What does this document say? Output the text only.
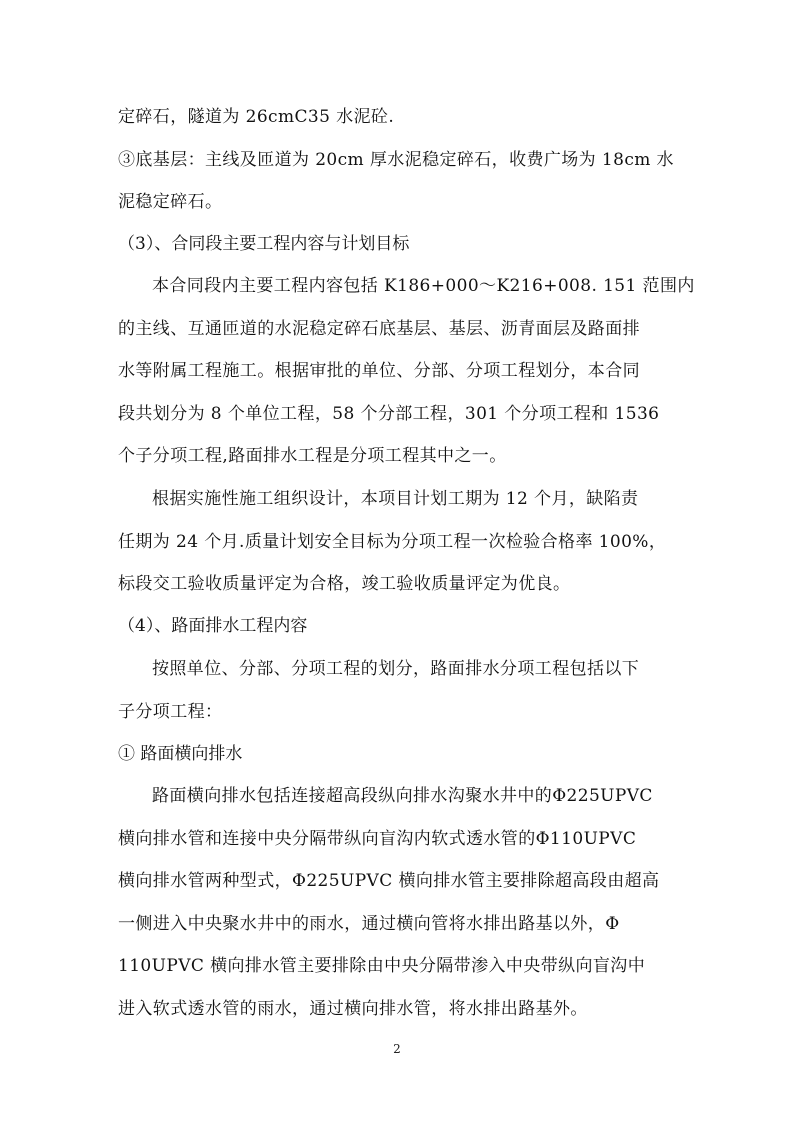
定碎石，隧道为 26cmC35 水泥砼.
③底基层：主线及匝道为 20cm 厚水泥稳定碎石，收费广场为 18cm 水
泥稳定碎石。
（3）、合同段主要工程内容与计划目标
本合同段内主要工程内容包括 K186+000～K216+008. 151 范围内
的主线、互通匝道的水泥稳定碎石底基层、基层、沥青面层及路面排
水等附属工程施工。根据审批的单位、分部、分项工程划分，本合同
段共划分为 8 个单位工程，58 个分部工程，301 个分项工程和 1536
个子分项工程,路面排水工程是分项工程其中之一。
根据实施性施工组织设计，本项目计划工期为 12 个月，缺陷责
任期为 24 个月.质量计划安全目标为分项工程一次检验合格率 100%，
标段交工验收质量评定为合格，竣工验收质量评定为优良。
（4）、路面排水工程内容
按照单位、分部、分项工程的划分，路面排水分项工程包括以下
子分项工程：
① 路面横向排水
路面横向排水包括连接超高段纵向排水沟聚水井中的Φ225UPVC
横向排水管和连接中央分隔带纵向盲沟内软式透水管的Φ110UPVC
横向排水管两种型式，Φ225UPVC 横向排水管主要排除超高段由超高
一侧进入中央聚水井中的雨水，通过横向管将水排出路基以外，Φ
110UPVC 横向排水管主要排除由中央分隔带渗入中央带纵向盲沟中
进入软式透水管的雨水，通过横向排水管，将水排出路基外。
2
